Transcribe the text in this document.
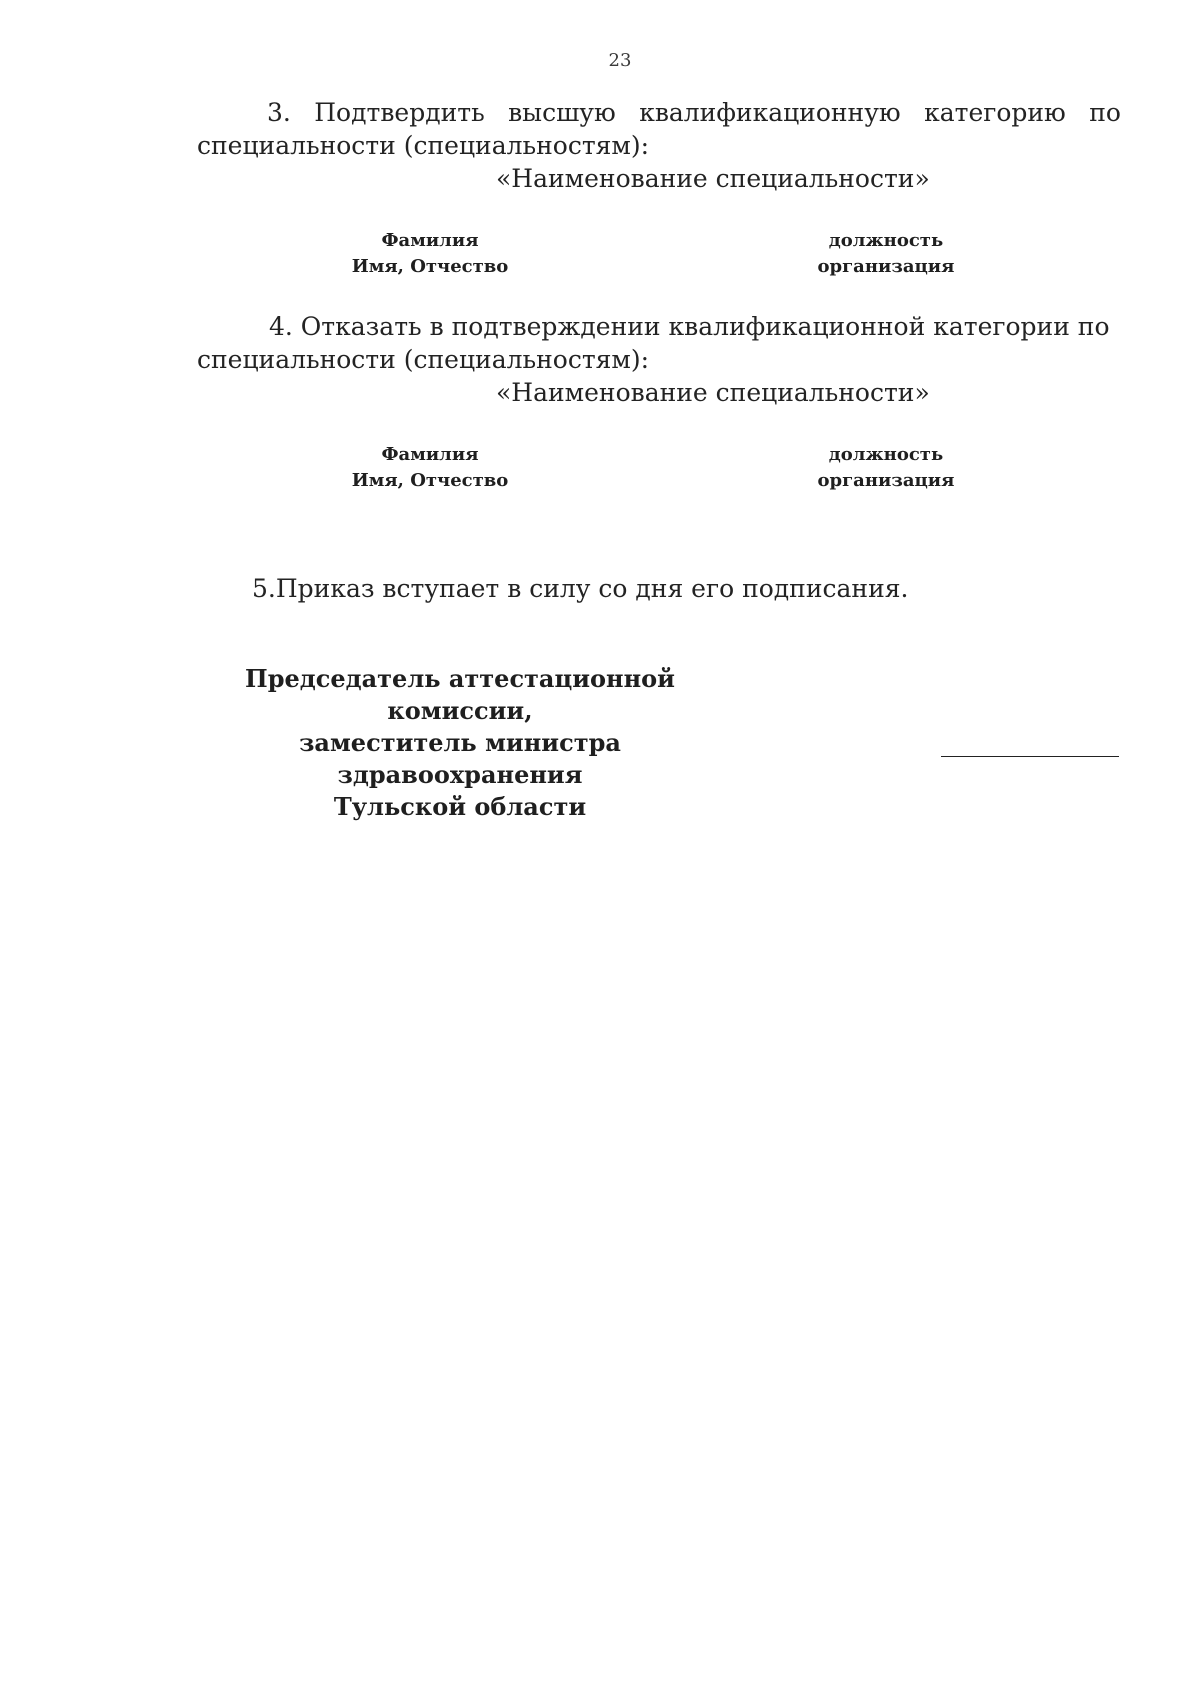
23
3. Подтвердить высшую квалификационную категорию по
специальности (специальностям):
«Наименование специальности»
Фамилия
Имя, Отчество
должность
организация
4. Отказать в подтверждении квалификационной категории по
специальности (специальностям):
«Наименование специальности»
Фамилия
Имя, Отчество
должность
организация
5.Приказ вступает в силу со дня его подписания.
Председатель аттестационной комиссии,
заместитель министра здравоохранения
Тульской области
